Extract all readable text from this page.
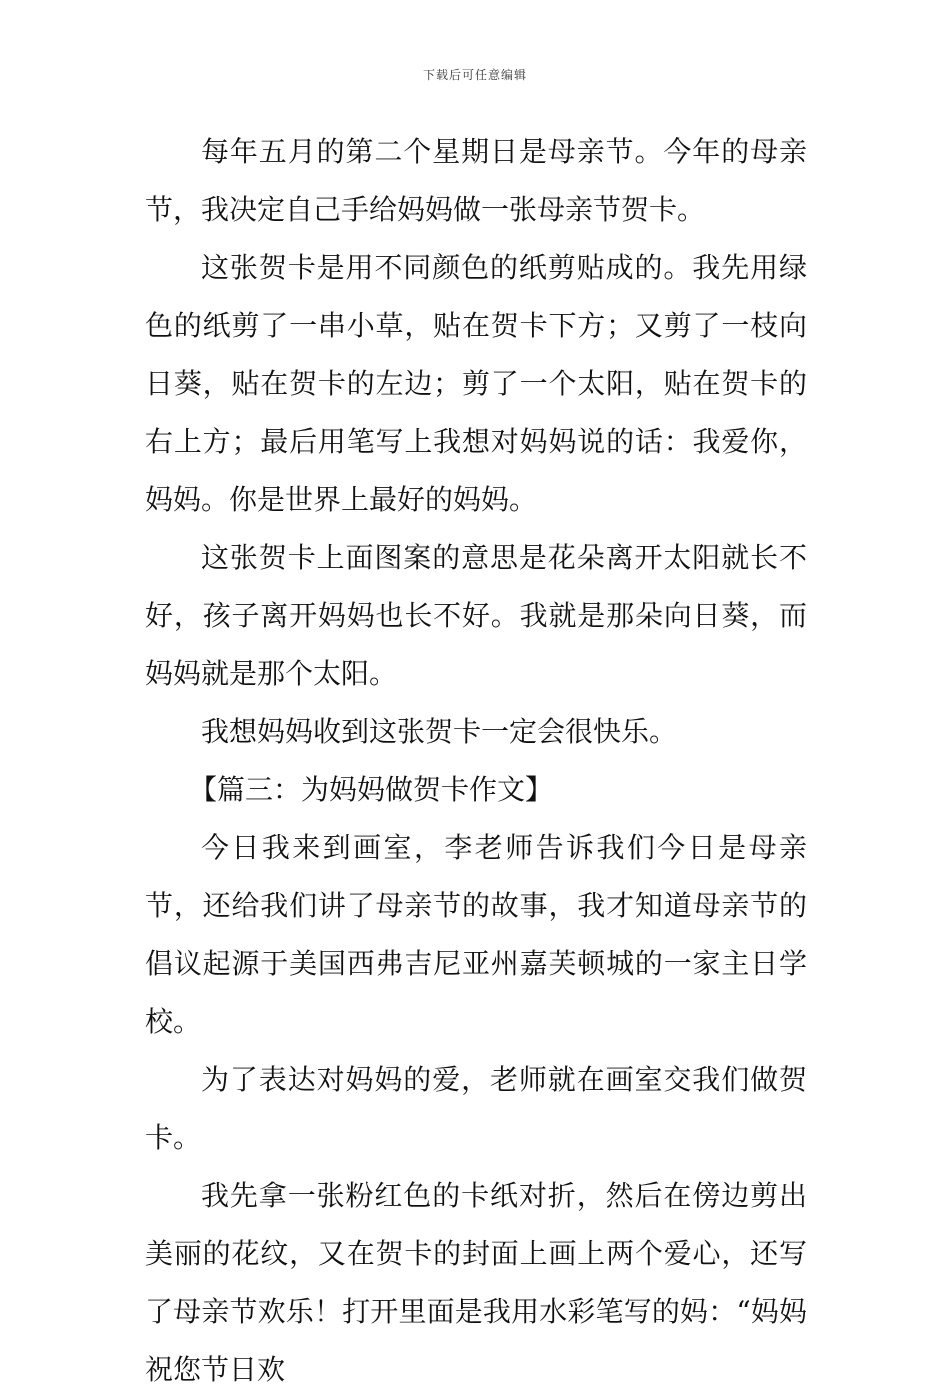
下载后可任意编辑

每年五月的第二个星期日是母亲节。今年的母亲节，我决定自己手给妈妈做一张母亲节贺卡。

这张贺卡是用不同颜色的纸剪贴成的。我先用绿色的纸剪了一串小草，贴在贺卡下方；又剪了一枝向日葵，贴在贺卡的左边；剪了一个太阳，贴在贺卡的右上方；最后用笔写上我想对妈妈说的话：我爱你，妈妈。你是世界上最好的妈妈。

这张贺卡上面图案的意思是花朵离开太阳就长不好，孩子离开妈妈也长不好。我就是那朵向日葵，而妈妈就是那个太阳。

我想妈妈收到这张贺卡一定会很快乐。

【篇三：为妈妈做贺卡作文】

今日我来到画室，李老师告诉我们今日是母亲节，还给我们讲了母亲节的故事，我才知道母亲节的倡议起源于美国西弗吉尼亚州嘉芙顿城的一家主日学校。

为了表达对妈妈的爱，老师就在画室交我们做贺卡。

我先拿一张粉红色的卡纸对折，然后在傍边剪出美丽的花纹，又在贺卡的封面上画上两个爱心，还写了母亲节欢乐！打开里面是我用水彩笔写的妈：“妈妈祝您节日欢
